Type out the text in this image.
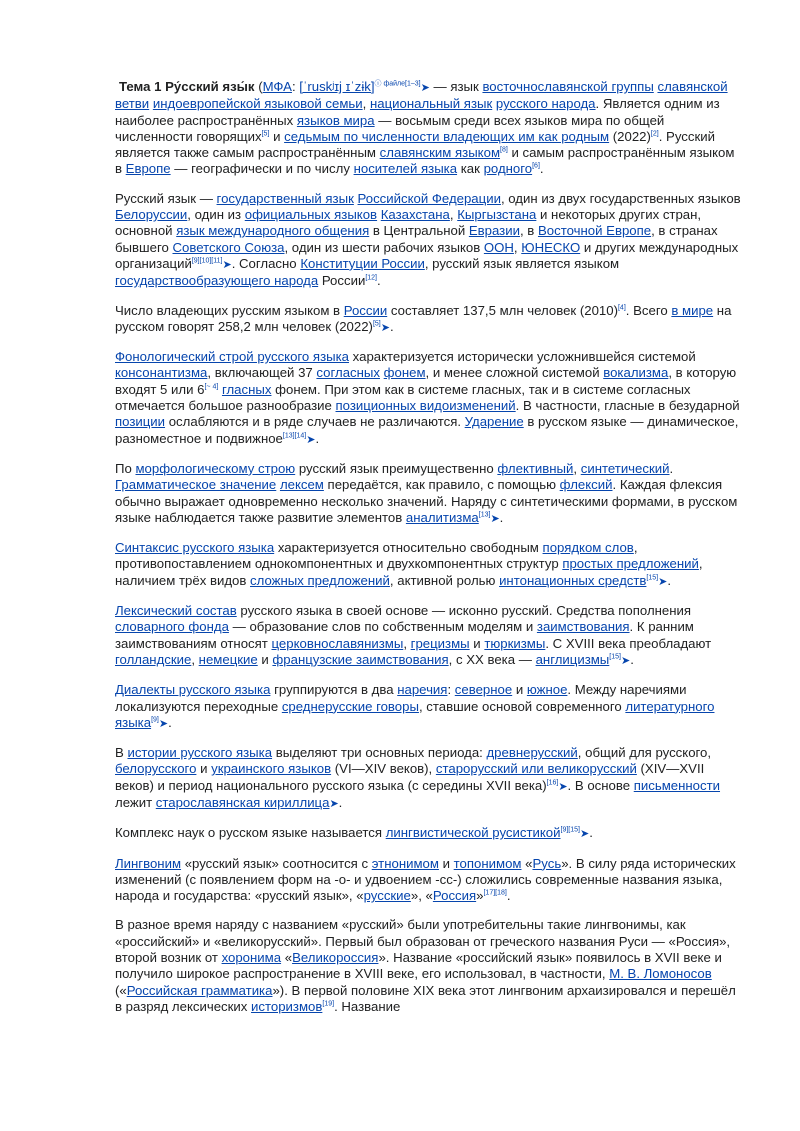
Тема 1 Ру́сский язы́к (МФА: [ˈruskʲɪj ɪˈzɨk]$^{ⓘ файле[1-3]}$➤ — язык восточнославянской группы славянской ветви индоевропейской языковой семьи, национальный язык русского народа. Является одним из наиболее распространённых языков мира — восьмым среди всех языков мира по общей численности говорящих[5] и седьмым по численности владеющих им как родным (2022)[2]. Русский является также самым распространённым славянским языком[8] и самым распространённым языком в Европе — географически и по числу носителей языка как родного[6].

Русский язык — государственный язык Российской Федерации, один из двух государственных языков Белоруссии, один из официальных языков Казахстана, Кыргызстана и некоторых других стран, основной язык международного общения в Центральной Евразии, в Восточной Европе, в странах бывшего Советского Союза, один из шести рабочих языков ООН, ЮНЕСКО и других международных организаций[9][10][11]➤. Согласно Конституции России, русский язык является языком государствообразующего народа России[12].

Число владеющих русским языком в России составляет 137,5 млн человек (2010)[4]. Всего в мире на русском говорят 258,2 млн человек (2022)[5]➤.

Фонологический строй русского языка характеризуется исторически усложнившейся системой консонантизма, включающей 37 согласных фонем, и менее сложной системой вокализма, в которую входят 5 или 6[~ 4] гласных фонем. При этом как в системе гласных, так и в системе согласных отмечается большое разнообразие позиционных видоизменений. В частности, гласные в безударной позиции ослабляются и в ряде случаев не различаются. Ударение в русском языке — динамическое, разноместное и подвижное[13][14]➤.

По морфологическому строю русский язык преимущественно флективный, синтетический. Грамматическое значение лексем передаётся, как правило, с помощью флексий. Каждая флексия обычно выражает одновременно несколько значений. Наряду с синтетическими формами, в русском языке наблюдается также развитие элементов аналитизма[13]➤.

Синтаксис русского языка характеризуется относительно свободным порядком слов, противопоставлением однокомпонентных и двухкомпонентных структур простых предложений, наличием трёх видов сложных предложений, активной ролью интонационных средств[15]➤.

Лексический состав русского языка в своей основе — исконно русский. Средства пополнения словарного фонда — образование слов по собственным моделям и заимствования. К ранним заимствованиям относят церковнославянизмы, грецизмы и тюркизмы. С XVIII века преобладают голландские, немецкие и французские заимствования, с XX века — англицизмы[15]➤.

Диалекты русского языка группируются в два наречия: северное и южное. Между наречиями локализуются переходные среднерусские говоры, ставшие основой современного литературного языка[9]➤.

В истории русского языка выделяют три основных периода: древнерусский, общий для русского, белорусского и украинского языков (VI—XIV веков), старорусский или великорусский (XIV—XVII веков) и период национального русского языка (с середины XVII века)[16]➤. В основе письменности лежит старославянская кириллица➤.

Комплекс наук о русском языке называется лингвистической русистикой[9][15]➤.

Лингвоним «русский язык» соотносится с этнонимом и топонимом «Русь». В силу ряда исторических изменений (с появлением форм на -о- и удвоением -сс-) сложились современные названия языка, народа и государства: «русский язык», «русские», «Россия»[17][18].

В разное время наряду с названием «русский» были употребительны такие лингвонимы, как «российский» и «великорусский». Первый был образован от греческого названия Руси — «Россия», второй возник от хоронима «Великороссия». Название «российский язык» появилось в XVII веке и получило широкое распространение в XVIII веке, его использовал, в частности, М. В. Ломоносов («Российская грамматика»). В первой половине XIX века этот лингвоним архаизировался и перешёл в разряд лексических историзмов[19]. Название
